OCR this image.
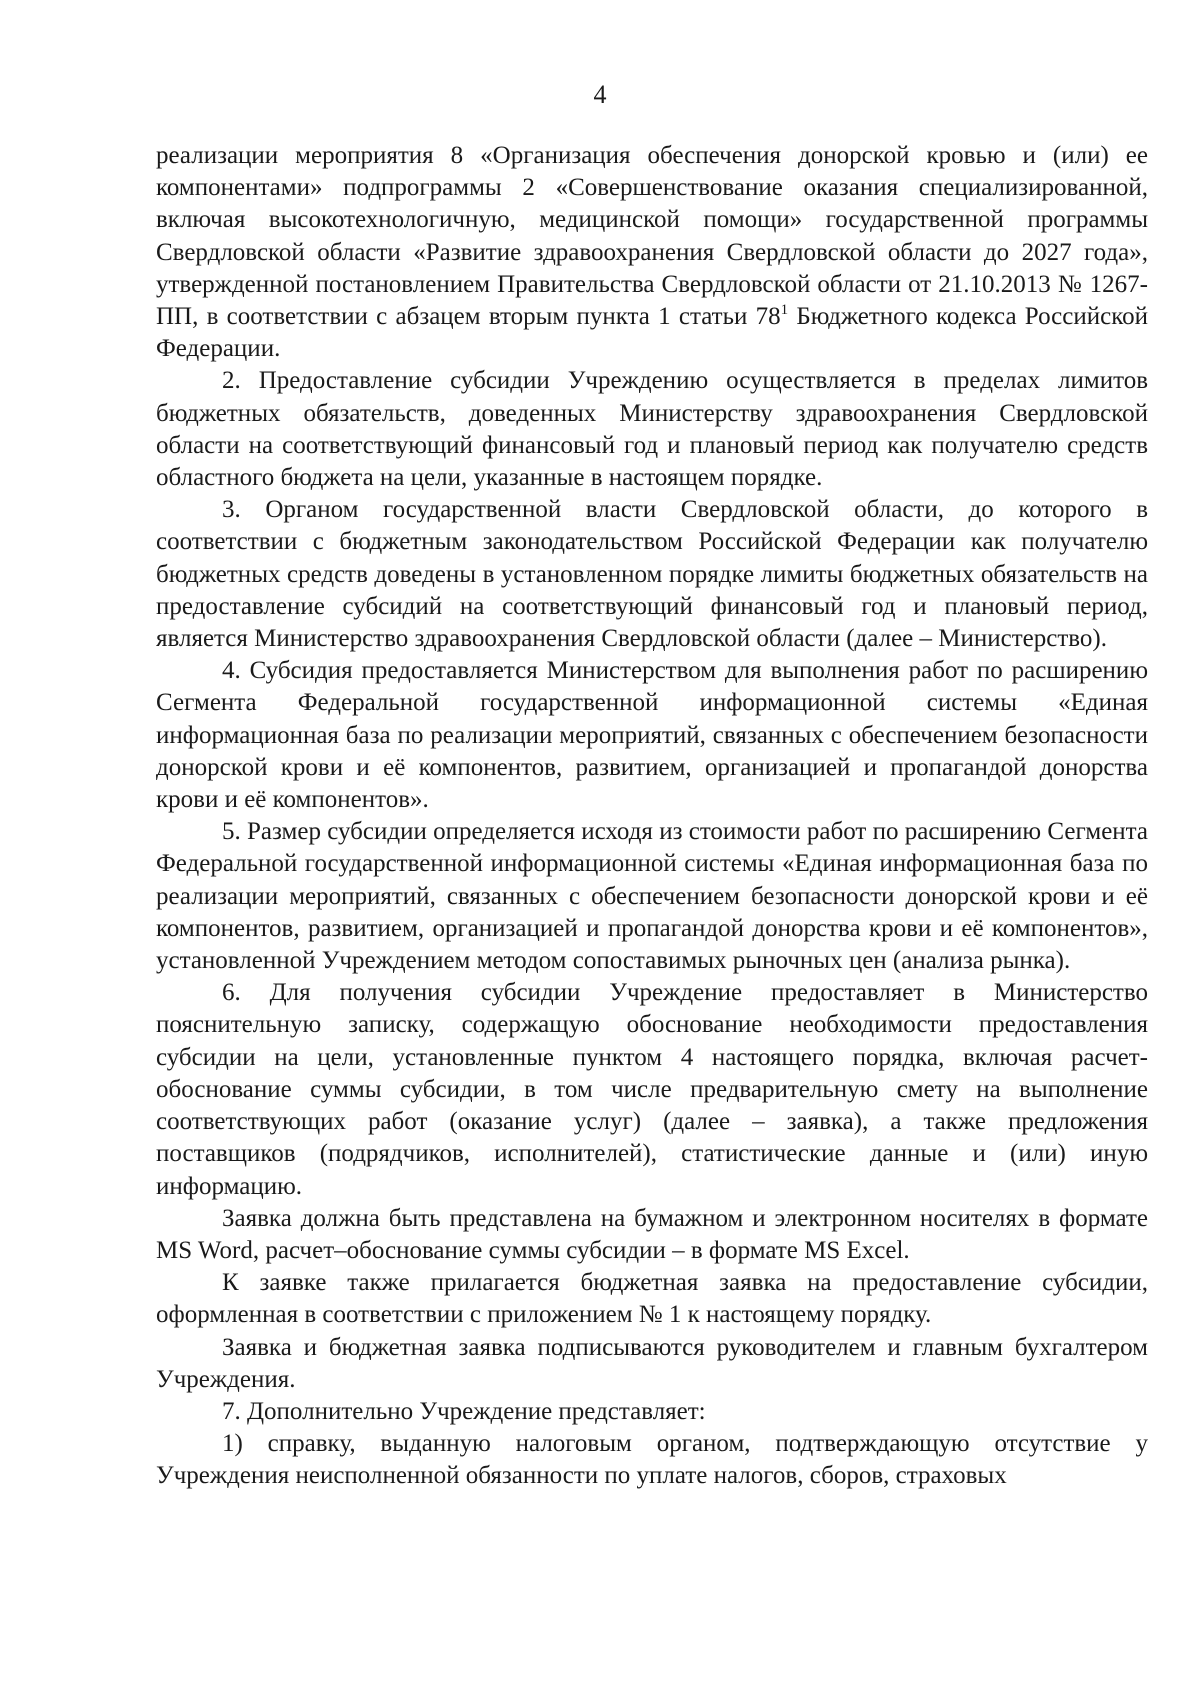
4

реализации мероприятия 8 «Организация обеспечения донорской кровью и (или) ее компонентами» подпрограммы 2 «Совершенствование оказания специализированной, включая высокотехнологичную, медицинской помощи» государственной программы Свердловской области «Развитие здравоохранения Свердловской области до 2027 года», утвержденной постановлением Правительства Свердловской области от 21.10.2013 № 1267-ПП, в соответствии с абзацем вторым пункта 1 статьи $78^1$ Бюджетного кодекса Российской Федерации.

2. Предоставление субсидии Учреждению осуществляется в пределах лимитов бюджетных обязательств, доведенных Министерству здравоохранения Свердловской области на соответствующий финансовый год и плановый период как получателю средств областного бюджета на цели, указанные в настоящем порядке.

3. Органом государственной власти Свердловской области, до которого в соответствии с бюджетным законодательством Российской Федерации как получателю бюджетных средств доведены в установленном порядке лимиты бюджетных обязательств на предоставление субсидий на соответствующий финансовый год и плановый период, является Министерство здравоохранения Свердловской области (далее – Министерство).

4. Субсидия предоставляется Министерством для выполнения работ по расширению Сегмента Федеральной государственной информационной системы «Единая информационная база по реализации мероприятий, связанных с обеспечением безопасности донорской крови и её компонентов, развитием, организацией и пропагандой донорства крови и её компонентов».

5. Размер субсидии определяется исходя из стоимости работ по расширению Сегмента Федеральной государственной информационной системы «Единая информационная база по реализации мероприятий, связанных с обеспечением безопасности донорской крови и её компонентов, развитием, организацией и пропагандой донорства крови и её компонентов», установленной Учреждением методом сопоставимых рыночных цен (анализа рынка).

6. Для получения субсидии Учреждение предоставляет в Министерство пояснительную записку, содержащую обоснование необходимости предоставления субсидии на цели, установленные пунктом 4 настоящего порядка, включая расчет-обоснование суммы субсидии, в том числе предварительную смету на выполнение соответствующих работ (оказание услуг) (далее – заявка), а также предложения поставщиков (подрядчиков, исполнителей), статистические данные и (или) иную информацию.

Заявка должна быть представлена на бумажном и электронном носителях в формате MS Word, расчет–обоснование суммы субсидии – в формате MS Excel.

К заявке также прилагается бюджетная заявка на предоставление субсидии, оформленная в соответствии с приложением № 1 к настоящему порядку.

Заявка и бюджетная заявка подписываются руководителем и главным бухгалтером Учреждения.

7. Дополнительно Учреждение представляет:

1) справку, выданную налоговым органом, подтверждающую отсутствие у Учреждения неисполненной обязанности по уплате налогов, сборов, страховых
